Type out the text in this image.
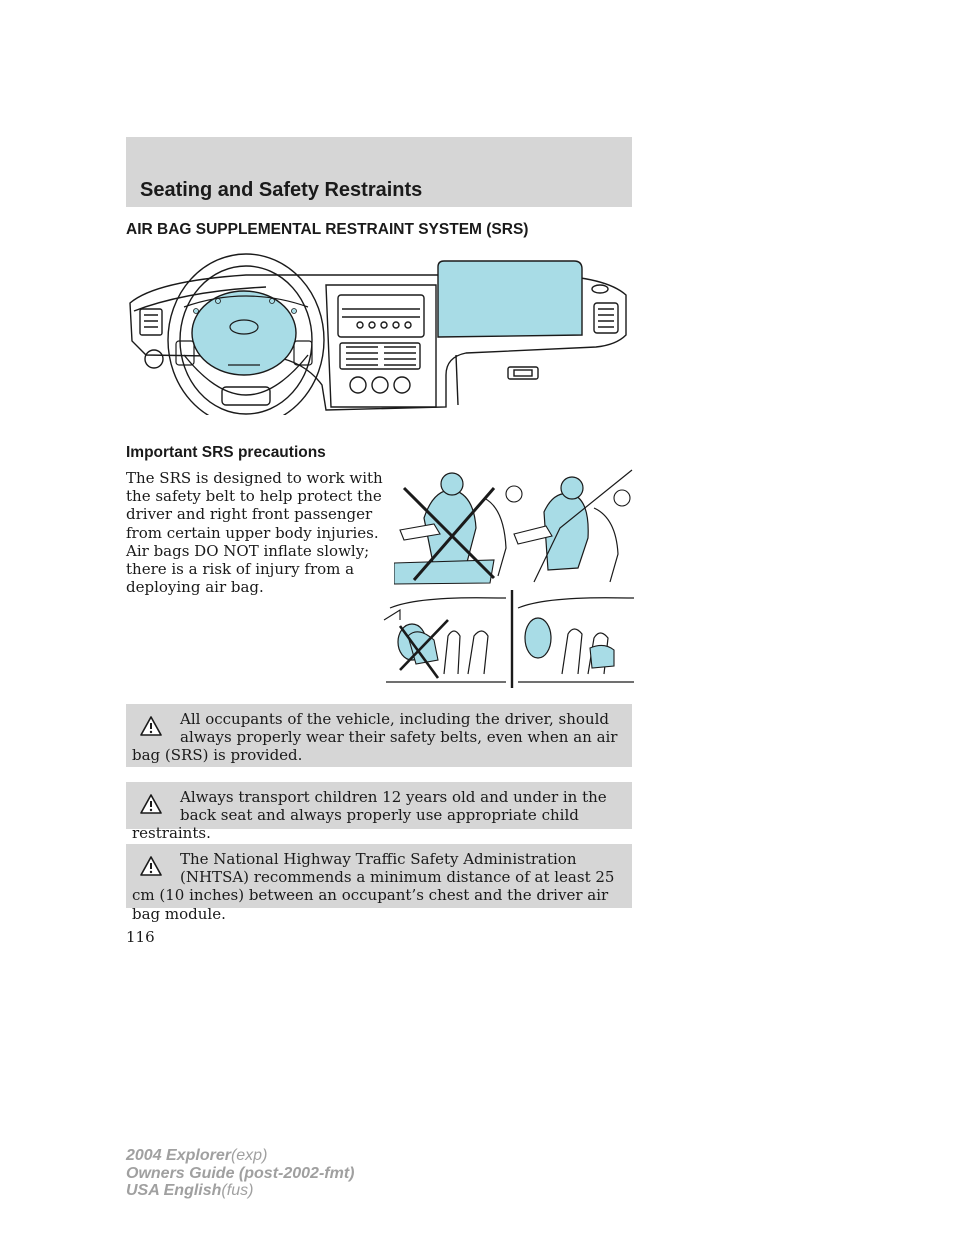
Seating and Safety Restraints
AIR BAG SUPPLEMENTAL RESTRAINT SYSTEM (SRS)
Important SRS precautions

The SRS is designed to work with the safety belt to help protect the driver and right front passenger from certain upper body injuries. Air bags DO NOT inflate slowly; there is a risk of injury from a deploying air bag.

All occupants of the vehicle, including the driver, should always properly wear their safety belts, even when an air bag (SRS) is provided.

Always transport children 12 years old and under in the back seat and always properly use appropriate child restraints.

The National Highway Traffic Safety Administration (NHTSA) recommends a minimum distance of at least 25 cm (10 inches) between an occupant’s chest and the driver air bag module.

116

2004 Explorer(exp)
Owners Guide (post-2002-fmt)
USA English(fus)
